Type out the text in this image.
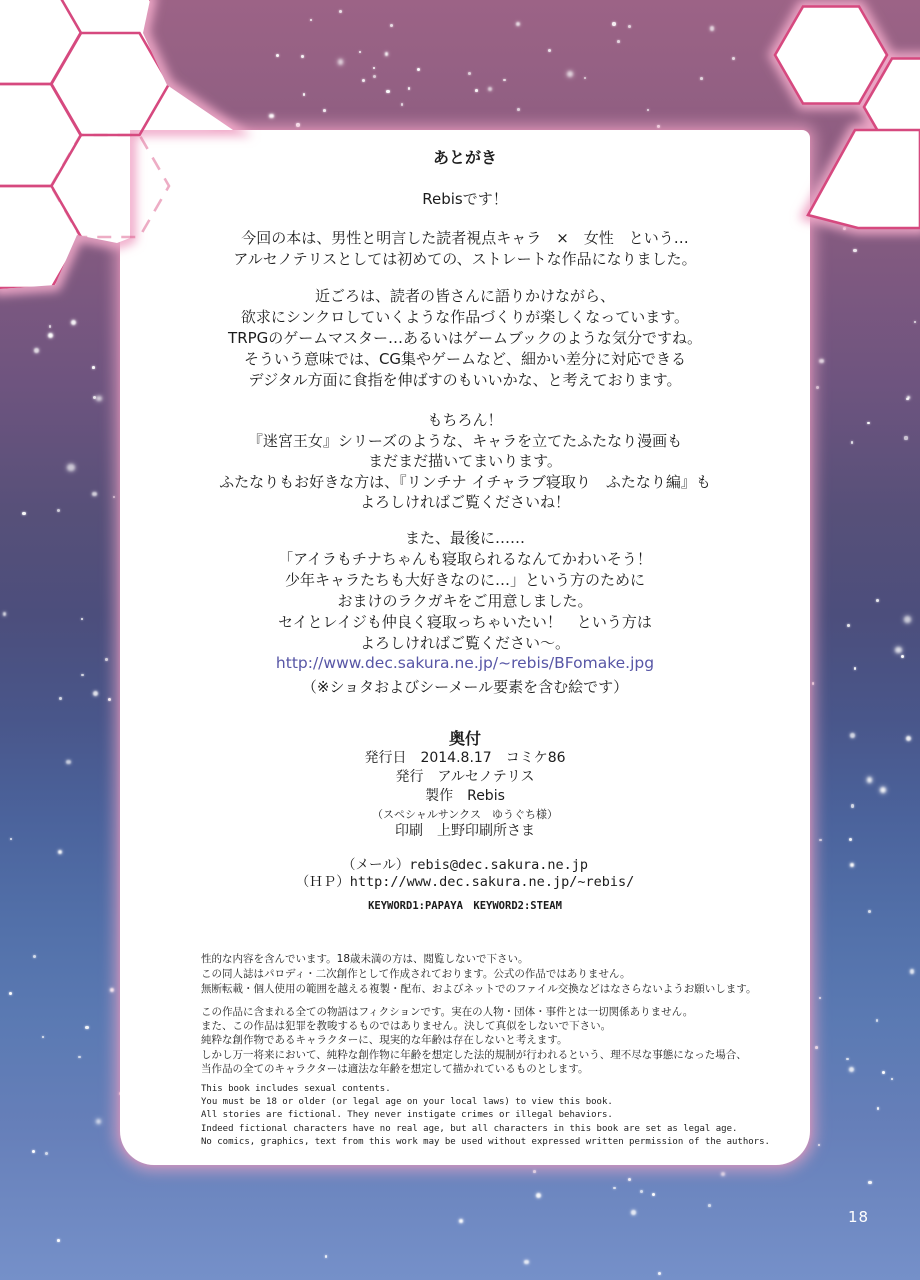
あとがき
Rebisです！
今回の本は、男性と明言した読者視点キャラ　×　女性　という…
アルセノテリスとしては初めての、ストレートな作品になりました。
近ごろは、読者の皆さんに語りかけながら、
欲求にシンクロしていくような作品づくりが楽しくなっています。
TRPGのゲームマスター…あるいはゲームブックのような気分ですね。
そういう意味では、CG集やゲームなど、細かい差分に対応できる
デジタル方面に食指を伸ばすのもいいかな、と考えております。
もちろん！
『迷宮王女』シリーズのような、キャラを立てたふたなり漫画も
まだまだ描いてまいります。
ふたなりもお好きな方は、『リンチナ イチャラブ寝取り　ふたなり編』も
よろしければご覧くださいね！
また、最後に……
「アイラもチナちゃんも寝取られるなんてかわいそう！
少年キャラたちも大好きなのに…」という方のために
おまけのラクガキをご用意しました。
セイとレイジも仲良く寝取っちゃいたい！　という方は
よろしければご覧ください〜。
http://www.dec.sakura.ne.jp/~rebis/BFomake.jpg
（※ショタおよびシーメール要素を含む絵です）
奥付
発行日　2014.8.17　コミケ86
発行　アルセノテリス
製作　Rebis
（スペシャルサンクス　ゆうぐち様）
印刷　上野印刷所さま
（メール）rebis@dec.sakura.ne.jp
（ＨＰ）http://www.dec.sakura.ne.jp/~rebis/
KEYWORD1:PAPAYA　KEYWORD2:STEAM
性的な内容を含んでいます。18歳未満の方は、閲覧しないで下さい。
この同人誌はパロディ・二次創作として作成されております。公式の作品ではありません。
無断転載・個人使用の範囲を越える複製・配布、およびネットでのファイル交換などはなさらないようお願いします。
この作品に含まれる全ての物語はフィクションです。実在の人物・団体・事件とは一切関係ありません。
また、この作品は犯罪を教唆するものではありません。決して真似をしないで下さい。
純粋な創作物であるキャラクターに、現実的な年齢は存在しないと考えます。
しかし万一将来において、純粋な創作物に年齢を想定した法的規制が行われるという、理不尽な事態になった場合、
当作品の全てのキャラクターは適法な年齢を想定して描かれているものとします。
This book includes sexual contents.
You must be 18 or older (or legal age on your local laws) to view this book.
All stories are fictional. They never instigate crimes or illegal behaviors.
Indeed fictional characters have no real age, but all characters in this book are set as legal age.
No comics, graphics, text from this work may be used without expressed written permission of the authors.
18
